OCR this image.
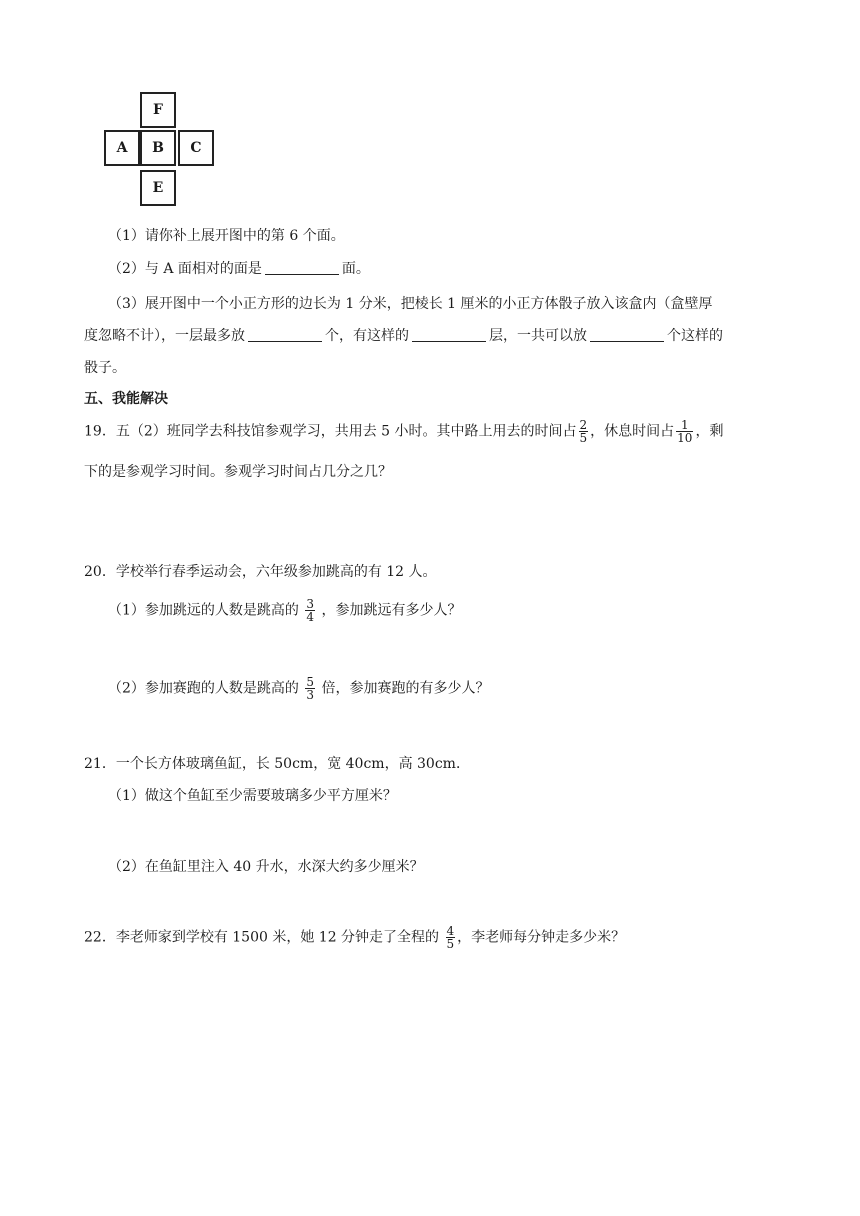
F
A B C
E
（1）请你补上展开图中的第 6 个面。
（2）与 A 面相对的面是	面。
（3）展开图中一个小正方形的边长为 1 分米，把棱长 1 厘米的小正方体骰子放入该盒内（盒壁厚
度忽略不计），一层最多放	个，有这样的	层，一共可以放	个这样的
骰子。
五、我能解决
19．五（2）班同学去科技馆参观学习，共用去 5 小时。其中路上用去的时间占 $\frac{2}{5}$ ，休息时间占 $\frac{1}{10}$ ，剩
下的是参观学习时间。参观学习时间占几分之几？
20．学校举行春季运动会，六年级参加跳高的有 12 人。
（1）参加跳远的人数是跳高的 $\frac{3}{4}$ ，参加跳远有多少人？
（2）参加赛跑的人数是跳高的 $\frac{5}{3}$ 倍，参加赛跑的有多少人？
21．一个长方体玻璃鱼缸，长 50cm，宽 40cm，高 30cm．
（1）做这个鱼缸至少需要玻璃多少平方厘米？
（2）在鱼缸里注入 40 升水，水深大约多少厘米？
22．李老师家到学校有 1500 米，她 12 分钟走了全程的 $\frac{4}{5}$ ，李老师每分钟走多少米？
